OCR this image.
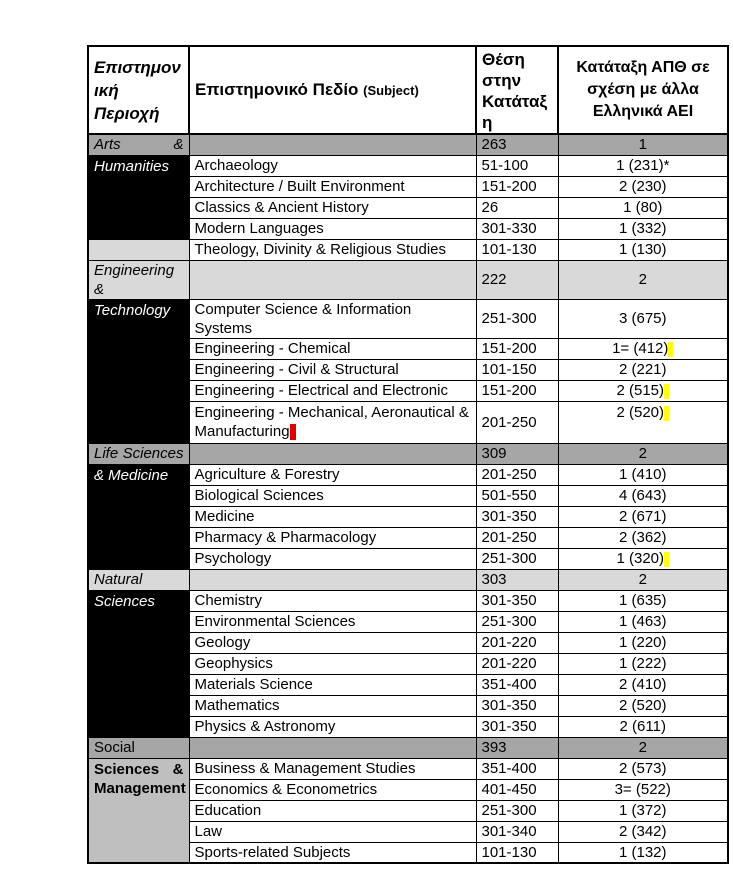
Επιστημονική Περιοχή	Επιστημονικό Πεδίο (Subject)	Θέση στην Κατάταξη	Κατάταξη ΑΠΘ σε σχέση με άλλα Ελληνικά ΑΕΙ

Arts &		263	1
Humanities	Archaeology	51-100	1 (231)*
	Architecture / Built Environment	151-200	2 (230)
	Classics & Ancient History	26	1 (80)
	Modern Languages	301-330	1 (332)
	Theology, Divinity & Religious Studies	101-130	1 (130)

Engineering &		222	2
Technology	Computer Science & Information Systems	251-300	3 (675)
	Engineering - Chemical	151-200	1= (412)
	Engineering - Civil & Structural	101-150	2 (221)
	Engineering - Electrical and Electronic	151-200	2 (515)
	Engineering - Mechanical, Aeronautical & Manufacturing	201-250	2 (520)

Life Sciences		309	2
& Medicine	Agriculture & Forestry	201-250	1 (410)
	Biological Sciences	501-550	4 (643)
	Medicine	301-350	2 (671)
	Pharmacy & Pharmacology	201-250	2 (362)
	Psychology	251-300	1 (320)

Natural		303	2
Sciences	Chemistry	301-350	1 (635)
	Environmental Sciences	251-300	1 (463)
	Geology	201-220	1 (220)
	Geophysics	201-220	1 (222)
	Materials Science	351-400	2 (410)
	Mathematics	301-350	2 (520)
	Physics & Astronomy	301-350	2 (611)

Social		393	2

Sciences &
Management	Business & Management Studies	351-400	2 (573)
	Economics & Econometrics	401-450	3= (522)
	Education	251-300	1 (372)
	Law	301-340	2 (342)
	Sports-related Subjects	101-130	1 (132)
